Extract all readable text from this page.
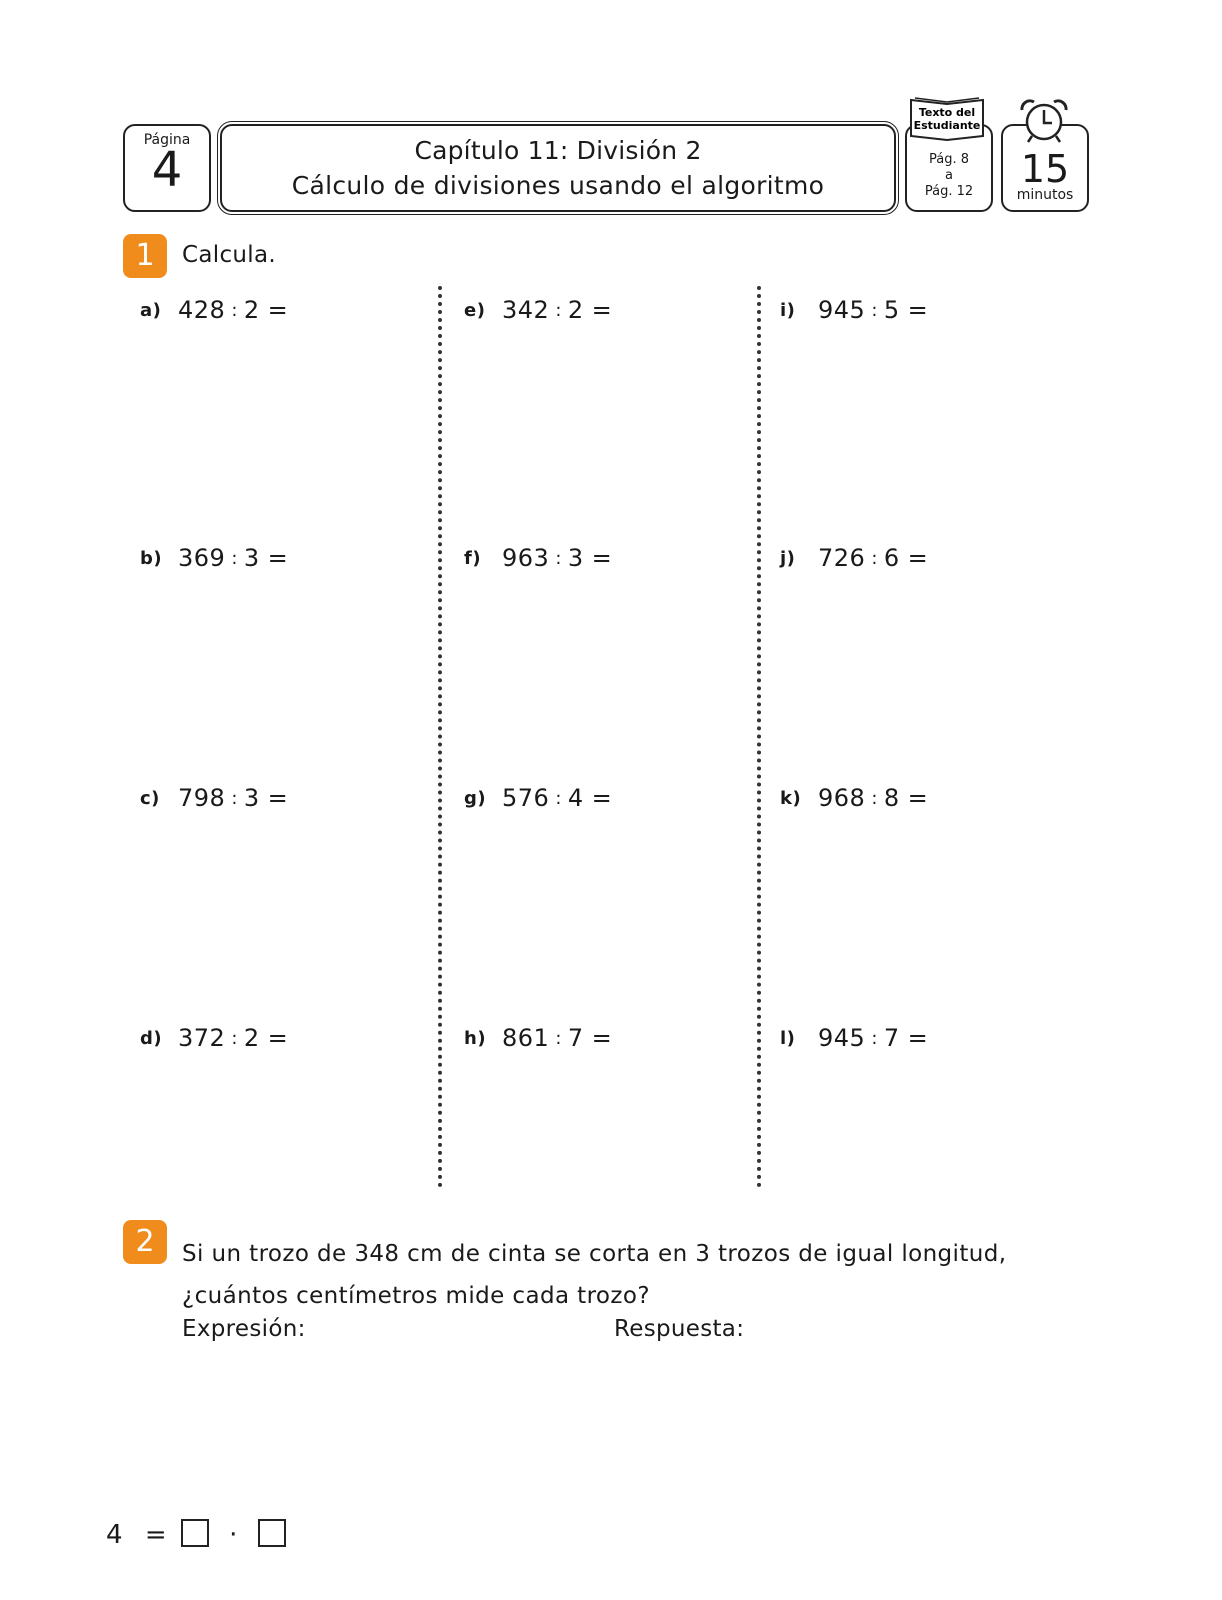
Página
4	Capítulo 11: División 2
Cálculo de divisiones usando el algoritmo
Pág. 8
a
Pág. 12
Texto del
Estudiante
15
minutos
1	Calcula.
a) 428 : 2 =
b) 369 : 3 =
c) 798 : 3 =
d) 372 : 2 =
e) 342 : 2 =
f) 963 : 3 =
g) 576 : 4 =
h) 861 : 7 =
i) 945 : 5 =
j) 726 : 6 =
k) 968 : 8 =
l) 945 : 7 =
2	Si un trozo de 348 cm de cinta se corta en 3 trozos de igual longitud,
¿cuántos centímetros mide cada trozo?
Expresión:	Respuesta:
4 = ·
